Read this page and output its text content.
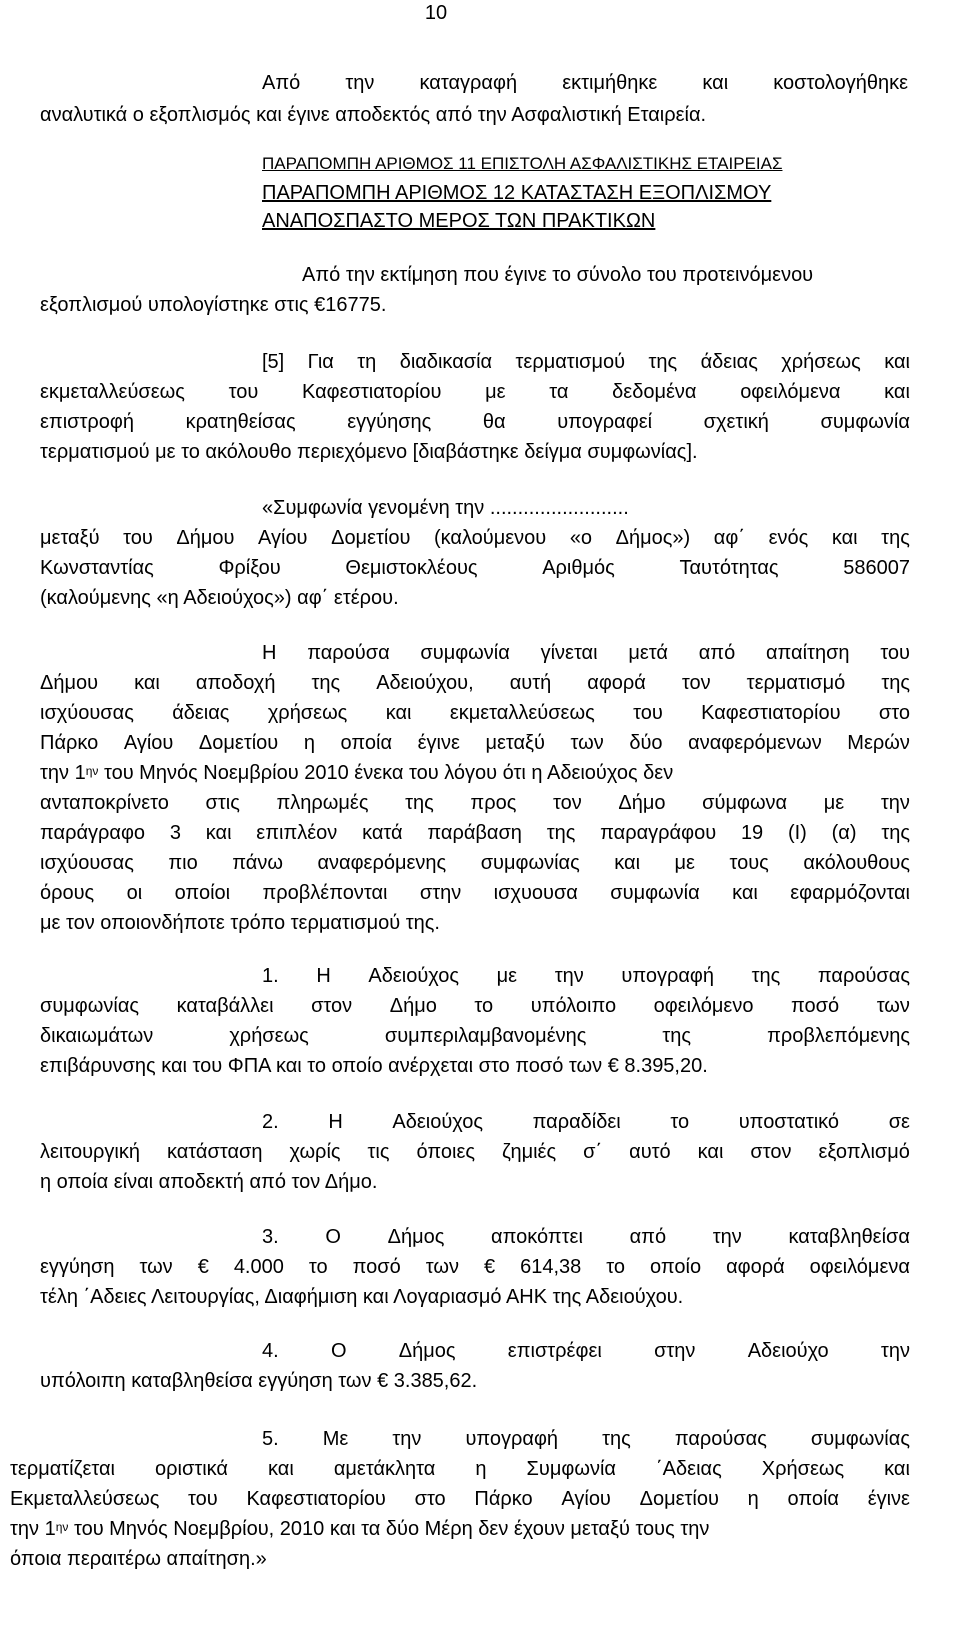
10
Από την καταγραφή εκτιμήθηκε και κοστολογήθηκε
αναλυτικά ο εξοπλισμός και έγινε αποδεκτός από την Ασφαλιστική Εταιρεία.
ΠΑΡΑΠΟΜΠΗ ΑΡΙΘΜΟΣ 11 ΕΠΙΣΤΟΛΗ ΑΣΦΑΛΙΣΤΙΚΗΣ ΕΤΑΙΡΕΙΑΣ
ΠΑΡΑΠΟΜΠΗ ΑΡΙΘΜΟΣ 12 ΚΑΤΑΣΤΑΣΗ ΕΞΟΠΛΙΣΜΟΥ
ΑΝΑΠΟΣΠΑΣΤΟ ΜΕΡΟΣ ΤΩΝ ΠΡΑΚΤΙΚΩΝ
Από την εκτίμηση που έγινε το σύνολο του προτεινόμενου
εξοπλισμού υπολογίστηκε στις €16775.
[5] Για τη διαδικασία τερματισμού της άδειας χρήσεως και
εκμεταλλεύσεως του Καφεστιατορίου με τα δεδομένα οφειλόμενα και
επιστροφή	κρατηθείσας	εγγύησης	θα	υπογραφεί	σχετική	συμφωνία
τερματισμού με το ακόλουθο περιεχόμενο [διαβάστηκε δείγμα συμφωνίας].
«Συμφωνία γενομένη την .........................
μεταξύ του Δήμου Αγίου Δομετίου (καλούμενου «ο Δήμος») αφ΄ ενός και της
Κωνσταντίας	Φρίξου	Θεμιστοκλέους	Αριθμός	Ταυτότητας	586007
(καλούμενης «η Αδειούχος») αφ΄ ετέρου.
Η παρούσα συμφωνία γίνεται μετά από απαίτηση του
Δήμου και αποδοχή της Αδειούχου, αυτή αφορά τον τερματισμό της
ισχύουσας άδειας χρήσεως και εκμεταλλεύσεως του Καφεστιατορίου στο
Πάρκο Αγίου Δομετίου η οποία έγινε μεταξύ των δύο αναφερόμενων Μερών
την $1^{\eta\nu}$ του Μηνός Νοεμβρίου 2010 ένεκα του λόγου ότι η Αδειούχος δεν
ανταποκρίνετο στις πληρωμές της προς τον Δήμο σύμφωνα με την
παράγραφο 3 και επιπλέον κατά παράβαση της παραγράφου 19 (I) (α) της
ισχύουσας πιο πάνω αναφερόμενης συμφωνίας και με τους ακόλουθους
όρους οι οποίοι προβλέπονται στην ισχυουσα συμφωνία και εφαρμόζονται
με τον οποιονδήποτε τρόπο τερματισμού της.
1. Η Αδειούχος με την υπογραφή της παρούσας
συμφωνίας καταβάλλει στον Δήμο το υπόλοιπο οφειλόμενο ποσό των
δικαιωμάτων	χρήσεως	συμπεριλαμβανομένης	της	προβλεπόμενης
επιβάρυνσης και του ΦΠΑ και το οποίο ανέρχεται στο ποσό των € 8.395,20.
2. Η Αδειούχος παραδίδει το υποστατικό σε
λειτουργική κατάσταση χωρίς τις όποιες ζημιές σ΄ αυτό και στον εξοπλισμό
η οποία είναι αποδεκτή από τον Δήμο.
3. Ο Δήμος αποκόπτει από την καταβληθείσα
εγγύηση των € 4.000 το ποσό των € 614,38 το οποίο αφορά οφειλόμενα
τέλη ΄Αδειες Λειτουργίας, Διαφήμιση και Λογαριασμό ΑΗΚ της Αδειούχου.
4.	Ο	Δήμος	επιστρέφει	στην	Αδειούχο	την
υπόλοιπη καταβληθείσα εγγύηση των € 3.385,62.
5. Με την υπογραφή της παρούσας συμφωνίας
τερματίζεται οριστικά και αμετάκλητα η Συμφωνία ΄Αδειας Χρήσεως και
Εκμεταλλεύσεως του Καφεστιατορίου στο Πάρκο Αγίου Δομετίου η οποία έγινε
την $1^{\eta\nu}$ του Μηνός Νοεμβρίου, 2010 και τα δύο Μέρη δεν έχουν μεταξύ τους την
όποια περαιτέρω απαίτηση.»
